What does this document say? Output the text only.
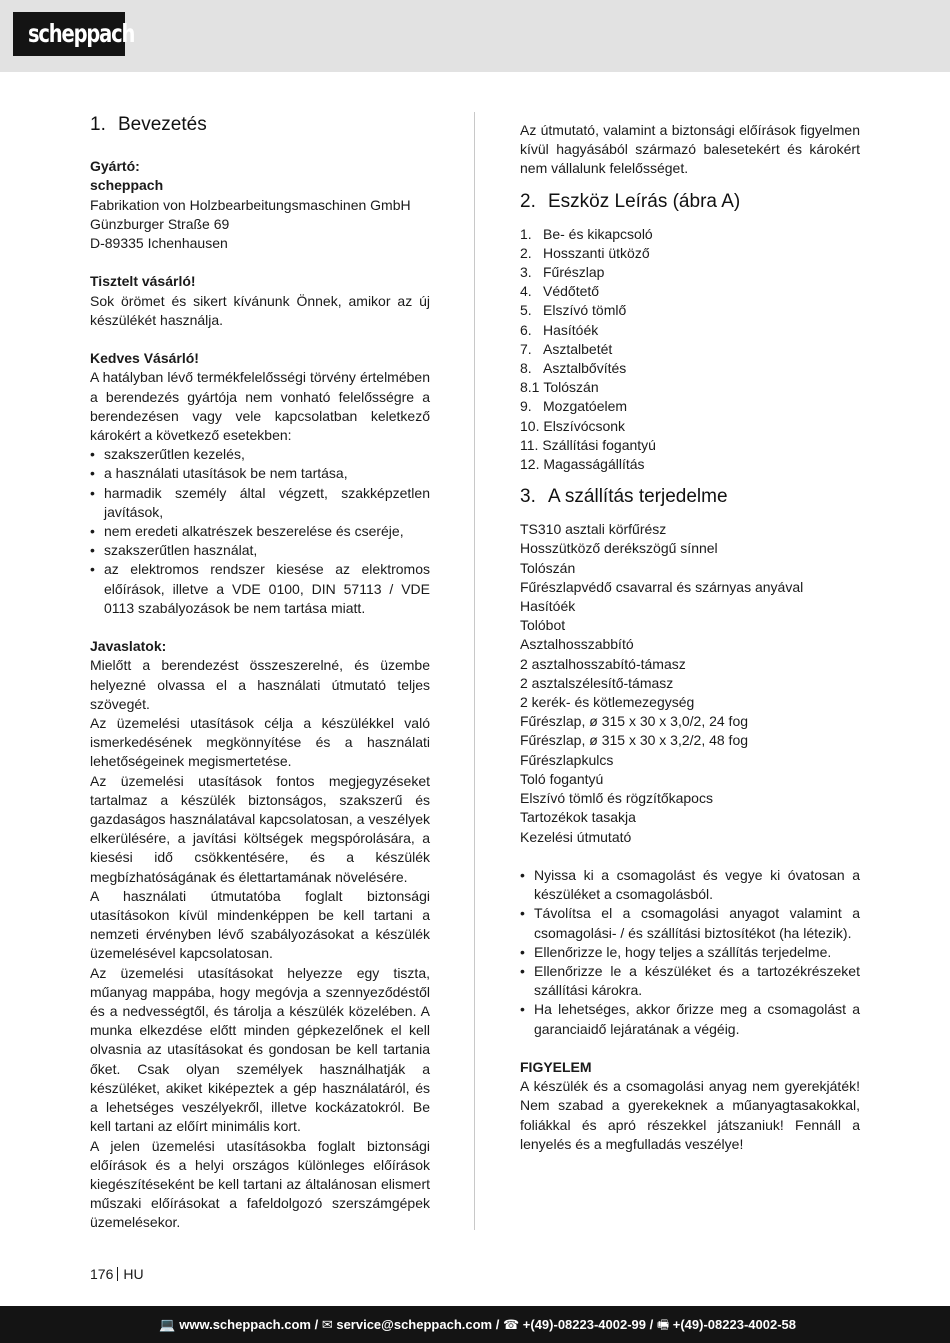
scheppach
1. Bevezetés

Gyártó:

scheppach

Fabrikation von Holzbearbeitungsmaschinen GmbH

Günzburger Straße 69

D-89335 Ichenhausen

Tisztelt vásárló!

Sok örömet és sikert kívánunk Önnek, amikor az új készülékét használja.

Kedves Vásárló!

A hatályban lévő termékfelelősségi törvény értelmében a berendezés gyártója nem vonható felelősségre a berendezésen vagy vele kapcsolatban keletkező károkért a következő esetekben:

• szakszerűtlen kezelés,
• a használati utasítások be nem tartása,
• harmadik személy által végzett, szakképzetlen javítások,
• nem eredeti alkatrészek beszerelése és cseréje,
• szakszerűtlen használat,
• az elektromos rendszer kiesése az elektromos előírások, illetve a VDE 0100, DIN 57113 / VDE 0113 szabályozások be nem tartása miatt.

Javaslatok:

Mielőtt a berendezést összeszerelné, és üzembe helyezné olvassa el a használati útmutató teljes szövegét.

Az üzemelési utasítások célja a készülékkel való ismerkedésének megkönnyítése és a használati lehetőségeinek megismertetése.

Az üzemelési utasítások fontos megjegyzéseket tartalmaz a készülék biztonságos, szakszerű és gazdaságos használatával kapcsolatosan, a veszélyek elkerülésére, a javítási költségek megspórolására, a kiesési idő csökkentésére, és a készülék megbízhatóságának és élettartamának növelésére.

A használati útmutatóba foglalt biztonsági utasításokon kívül mindenképpen be kell tartani a nemzeti érvényben lévő szabályozásokat a készülék üzemelésével kapcsolatosan.

Az üzemelési utasításokat helyezze egy tiszta, műanyag mappába, hogy megóvja a szennyeződéstől és a nedvességtől, és tárolja a készülék közelében. A munka elkezdése előtt minden gépkezelőnek el kell olvasnia az utasításokat és gondosan be kell tartania őket. Csak olyan személyek használhatják a készüléket, akiket kiképeztek a gép használatáról, és a lehetséges veszélyekről, illetve kockázatokról. Be kell tartani az előírt minimális kort.

A jelen üzemelési utasításokba foglalt biztonsági előírások és a helyi országos különleges előírások kiegészítéseként be kell tartani az általánosan elismert műszaki előírásokat a fafeldolgozó szerszámgépek üzemelésekor.

Az útmutató, valamint a biztonsági előírások figyelmen kívül hagyásából származó balesetekért és károkért nem vállalunk felelősséget.

2. Eszköz Leírás (ábra A)
1. Be- és kikapcsoló
2. Hosszanti ütköző
3. Fűrészlap
4. Védőtető
5. Elszívó tömlő
6. Hasítóék
7. Asztalbetét
8. Asztalbővítés
8.1
Tolószán
9. Mozgatóelem
10.
Elszívócsonk
11.
Szállítási fogantyú
12.
Magasságállítás
3. A szállítás terjedelme
TS310 asztali körfűrész
Hosszütköző derékszögű sínnel
Tolószán
Fűrészlapvédő csavarral és szárnyas anyával
Hasítóék
Tolóbot
Asztalhosszabbító
2 asztalhosszabító-támasz
2 asztalszélesítő-támasz
2 kerék- és kötlemezegység
Fűrészlap, ø 315 x 30 x 3,0/2, 24 fog
Fűrészlap, ø 315 x 30 x 3,2/2, 48 fog
Fűrészlapkulcs
Toló fogantyú
Elszívó tömlő és rögzítőkapocs
Tartozékok tasakja
Kezelési útmutató
• Nyissa ki a csomagolást és vegye ki óvatosan a készüléket a csomagolásból.
• Távolítsa el a csomagolási anyagot valamint a csomagolási- / és szállítási biztosítékot (ha létezik).
• Ellenőrizze le, hogy teljes a szállítás terjedelme.
• Ellenőrizze le a készüléket és a tartozékrészeket szállítási károkra.
• Ha lehetséges, akkor őrizze meg a csomagolást a garanciaidő lejáratának a végéig.

FIGYELEM

A készülék és a csomagolási anyag nem gyerekjáték! Nem szabad a gyerekeknek a műanyagtasakokkal, foliákkal és apró részekkel játszaniuk! Fennáll a lenyelés és a megfulladás veszélye!

176 HU
💻 www.scheppach.com / ✉ service@scheppach.com / ☎ +(49)-08223-4002-99 / 🖷 +(49)-08223-4002-58
